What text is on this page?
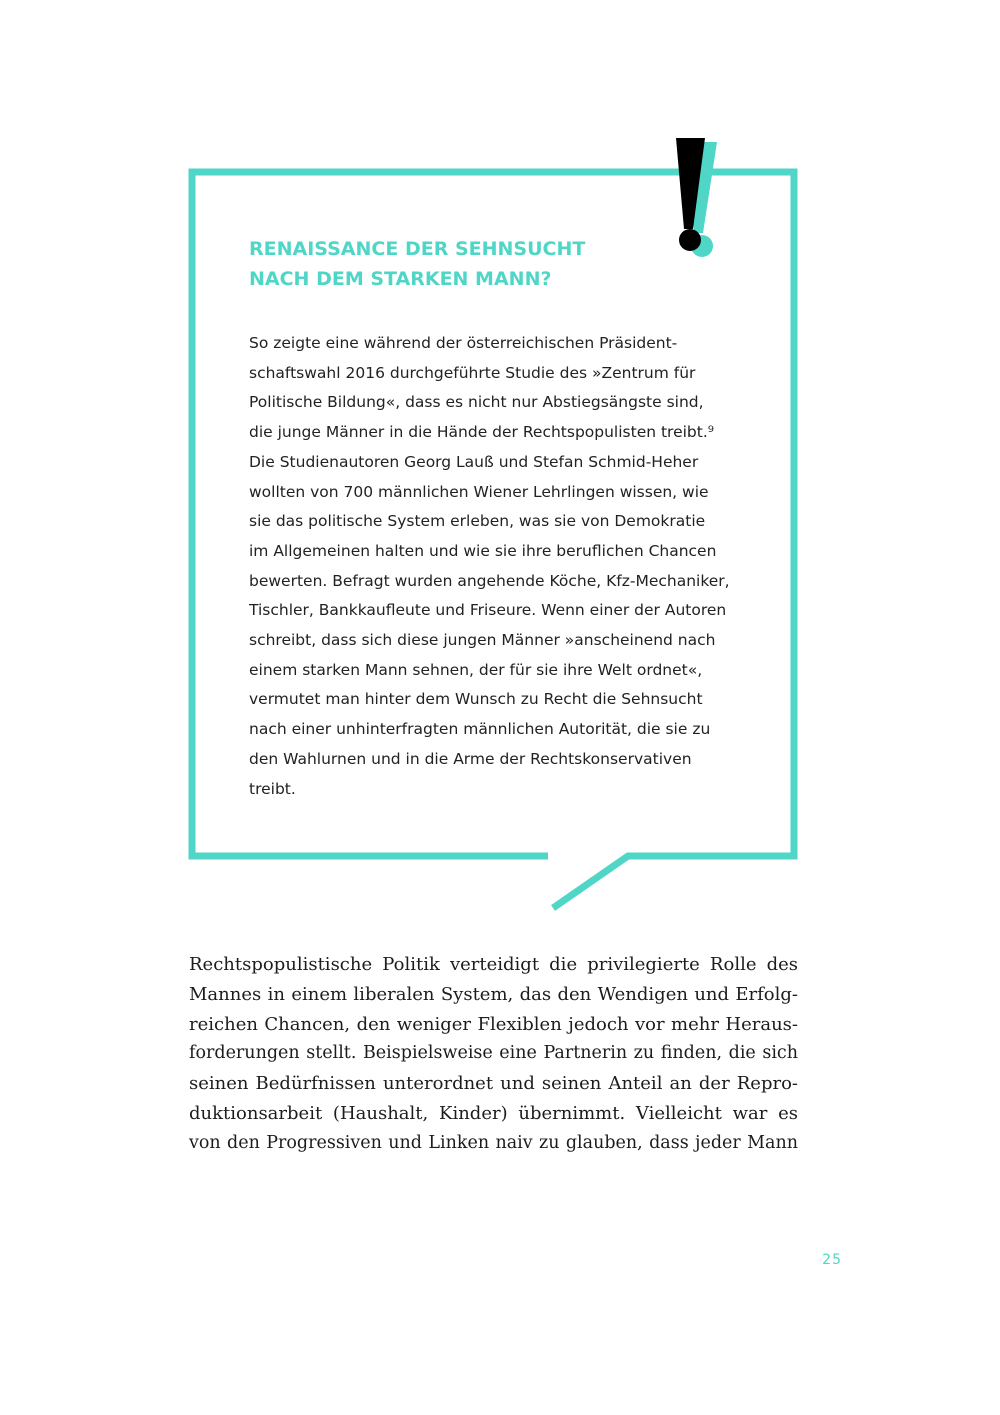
RENAISSANCE DER SEHNSUCHT
NACH DEM STARKEN MANN?

So zeigte eine während der österreichischen Präsident-
schaftswahl 2016 durchgeführte Studie des »Zentrum für
Politische Bildung«, dass es nicht nur Abstiegsängste sind,
die junge Männer in die Hände der Rechtspopulisten treibt.⁹
Die Studienautoren Georg Lauß und Stefan Schmid-Heher
wollten von 700 männlichen Wiener Lehrlingen wissen, wie
sie das politische System erleben, was sie von Demokratie
im Allgemeinen halten und wie sie ihre beruflichen Chancen
bewerten. Befragt wurden angehende Köche, Kfz-Mechaniker,
Tischler, Bankkaufleute und Friseure. Wenn einer der Autoren
schreibt, dass sich diese jungen Männer »anscheinend nach
einem starken Mann sehnen, der für sie ihre Welt ordnet«,
vermutet man hinter dem Wunsch zu Recht die Sehnsucht
nach einer unhinterfragten männlichen Autorität, die sie zu
den Wahlurnen und in die Arme der Rechtskonservativen
treibt.

Rechtspopulistische Politik verteidigt die privilegierte Rolle des
Mannes in einem liberalen System, das den Wendigen und Erfolg-
reichen Chancen, den weniger Flexiblen jedoch vor mehr Heraus-
forderungen stellt. Beispielsweise eine Partnerin zu finden, die sich
seinen Bedürfnissen unterordnet und seinen Anteil an der Repro-
duktionsarbeit (Haushalt, Kinder) übernimmt. Vielleicht war es
von den Progressiven und Linken naiv zu glauben, dass jeder Mann

25
